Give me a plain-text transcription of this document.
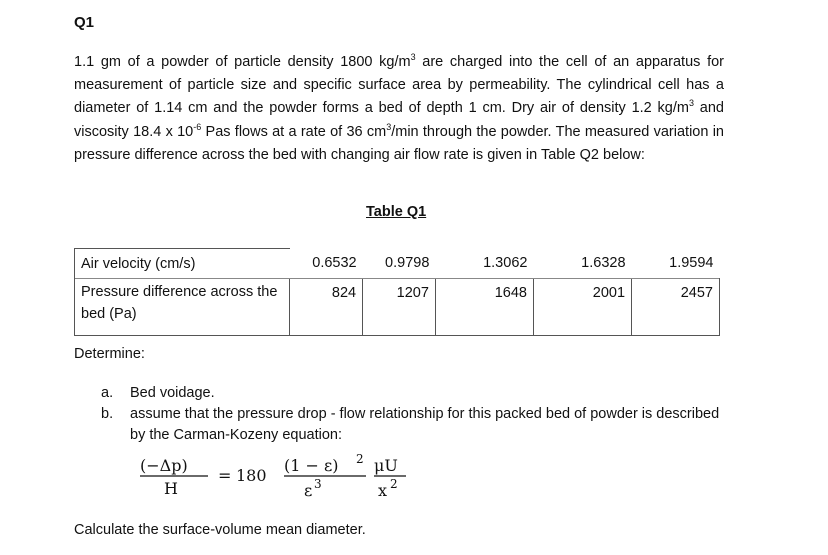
Q1

1.1 gm of a powder of particle density 1800 $kg/m^3$ are charged into the cell of an apparatus for measurement of particle size and specific surface area by permeability. The cylindrical cell has a diameter of 1.14 cm and the powder forms a bed of depth 1 cm. Dry air of density 1.2 $kg/m^3$ and viscosity 18.4 x $10^{-6}$ Pas flows at a rate of 36 $cm^3/\min$ through the powder. The measured variation in pressure difference across the bed with changing air flow rate is given in Table Q2 below:

Table Q1
Air velocity (cm/s)	0.6532	0.9798	1.3062	1.6328	1.9594
Pressure difference across the bed (Pa)	824	1207	1648	2001	2457
Determine:
a. Bed voidage.
b. assume that the pressure drop - flow relationship for this packed bed of powder is described by the Carman-Kozeny equation:
(−Δp)
H
= 180
(1 − ε) 2
ε 3
μU
x 2
Calculate the surface-volume mean diameter.
